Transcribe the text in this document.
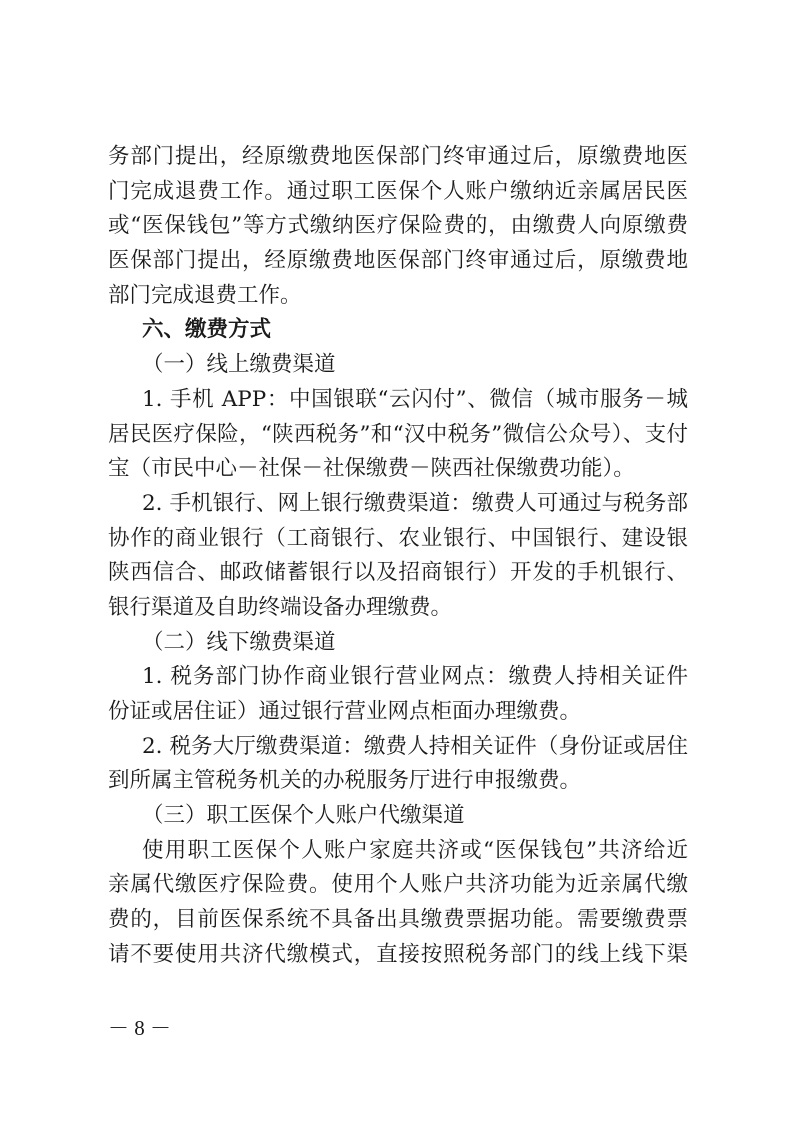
务部门提出，经原缴费地医保部门终审通过后，原缴费地医
门完成退费工作。通过职工医保个人账户缴纳近亲属居民医
或“医保钱包”等方式缴纳医疗保险费的，由缴费人向原缴费
医保部门提出，经原缴费地医保部门终审通过后，原缴费地
部门完成退费工作。
六、缴费方式
（一）线上缴费渠道
1. 手机 APP：中国银联“云闪付”、微信（城市服务－城
居民医疗保险，“陕西税务”和“汉中税务”微信公众号）、支付
宝（市民中心－社保－社保缴费－陕西社保缴费功能）。
2. 手机银行、网上银行缴费渠道：缴费人可通过与税务部
协作的商业银行（工商银行、农业银行、中国银行、建设银
陕西信合、邮政储蓄银行以及招商银行）开发的手机银行、
银行渠道及自助终端设备办理缴费。
（二）线下缴费渠道
1. 税务部门协作商业银行营业网点：缴费人持相关证件
份证或居住证）通过银行营业网点柜面办理缴费。
2. 税务大厅缴费渠道：缴费人持相关证件（身份证或居住
到所属主管税务机关的办税服务厅进行申报缴费。
（三）职工医保个人账户代缴渠道
使用职工医保个人账户家庭共济或“医保钱包”共济给近
亲属代缴医疗保险费。使用个人账户共济功能为近亲属代缴
费的，目前医保系统不具备出具缴费票据功能。需要缴费票
请不要使用共济代缴模式，直接按照税务部门的线上线下渠
－ 8 －
